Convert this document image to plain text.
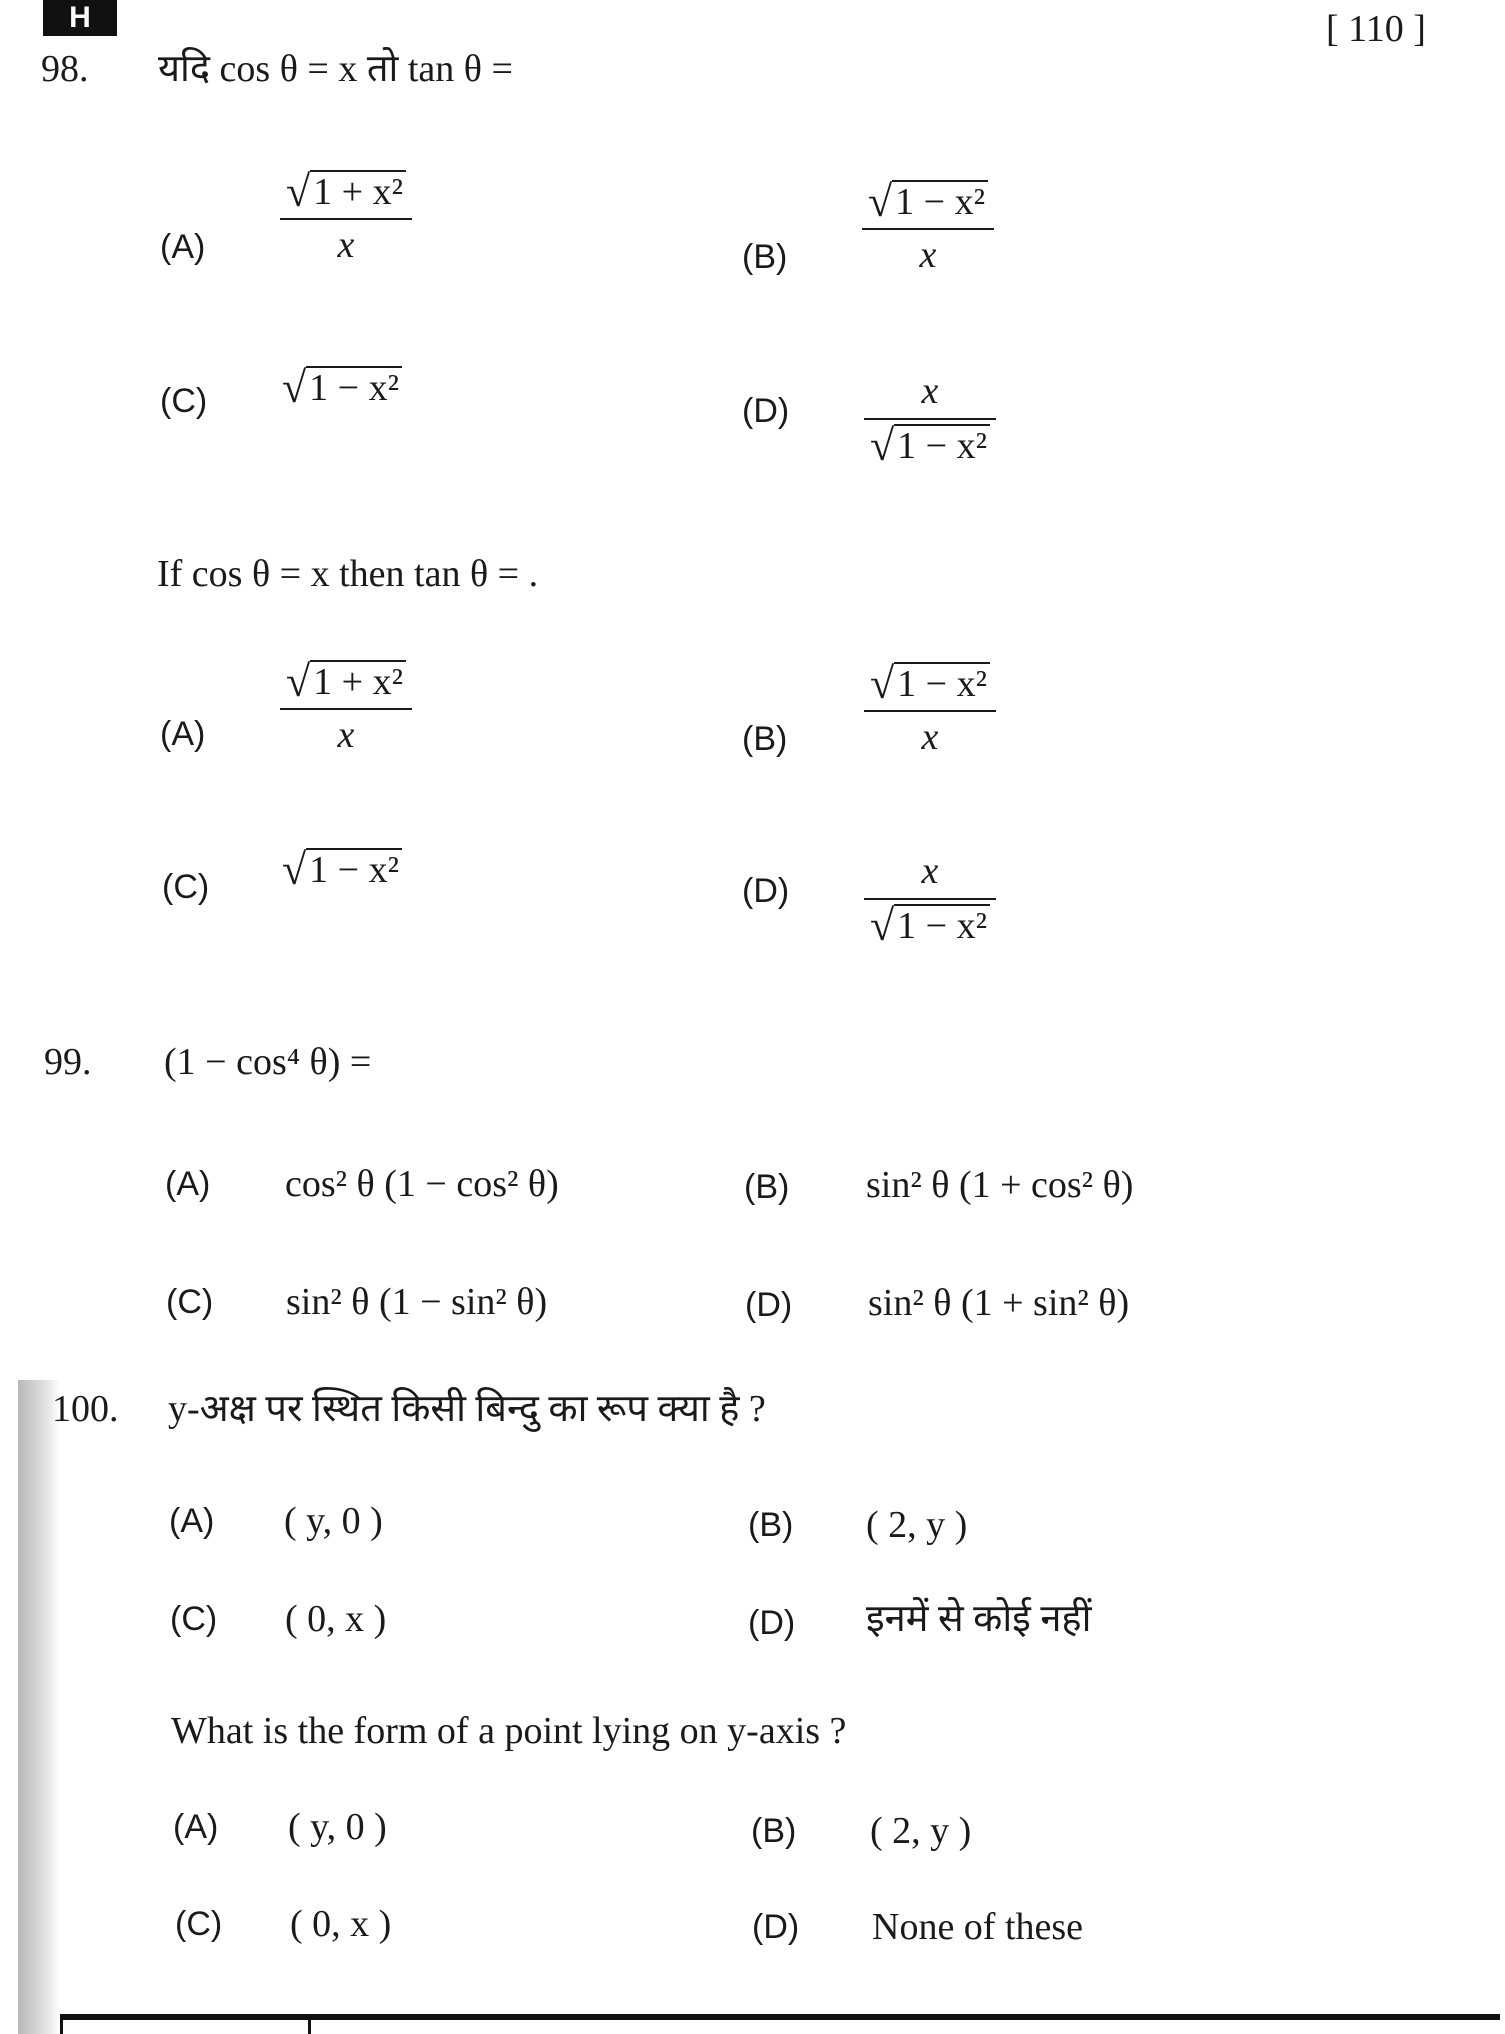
H	[ 110 ]
98. यदि cos θ = x तो tan θ =
$(A) \frac{\text{√ 1 + x²}}{x}$	$(B) \frac{\text{√ 1 − x²}}{x}$
(C) √ 1 − x²
$(D) \frac{x}{\text{√ 1 − x²}}$
If cos θ = x then tan θ = .
$(A) \frac{\text{√ 1 + x²}}{x}$	$(B) \frac{\text{√ 1 − x²}}{x}$
(C) √ 1 − x²	$(D) \frac{x}{\text{√ 1 − x²}}$
99. (1 − cos⁴ θ) =
(A) cos² θ (1 − cos² θ)	(B) sin² θ (1 + cos² θ)
(C) sin² θ (1 − sin² θ)	(D) sin² θ (1 + sin² θ)
100. y-अक्ष पर स्थित किसी बिन्दु का रूप क्या है ?
(A) ( y, 0 )	(B) ( 2, y )
(C) ( 0, x )	(D) इनमें से कोई नहीं
What is the form of a point lying on y-axis ?
(A) ( y, 0 )	(B) ( 2, y )
(C) ( 0, x )	(D) None of these
